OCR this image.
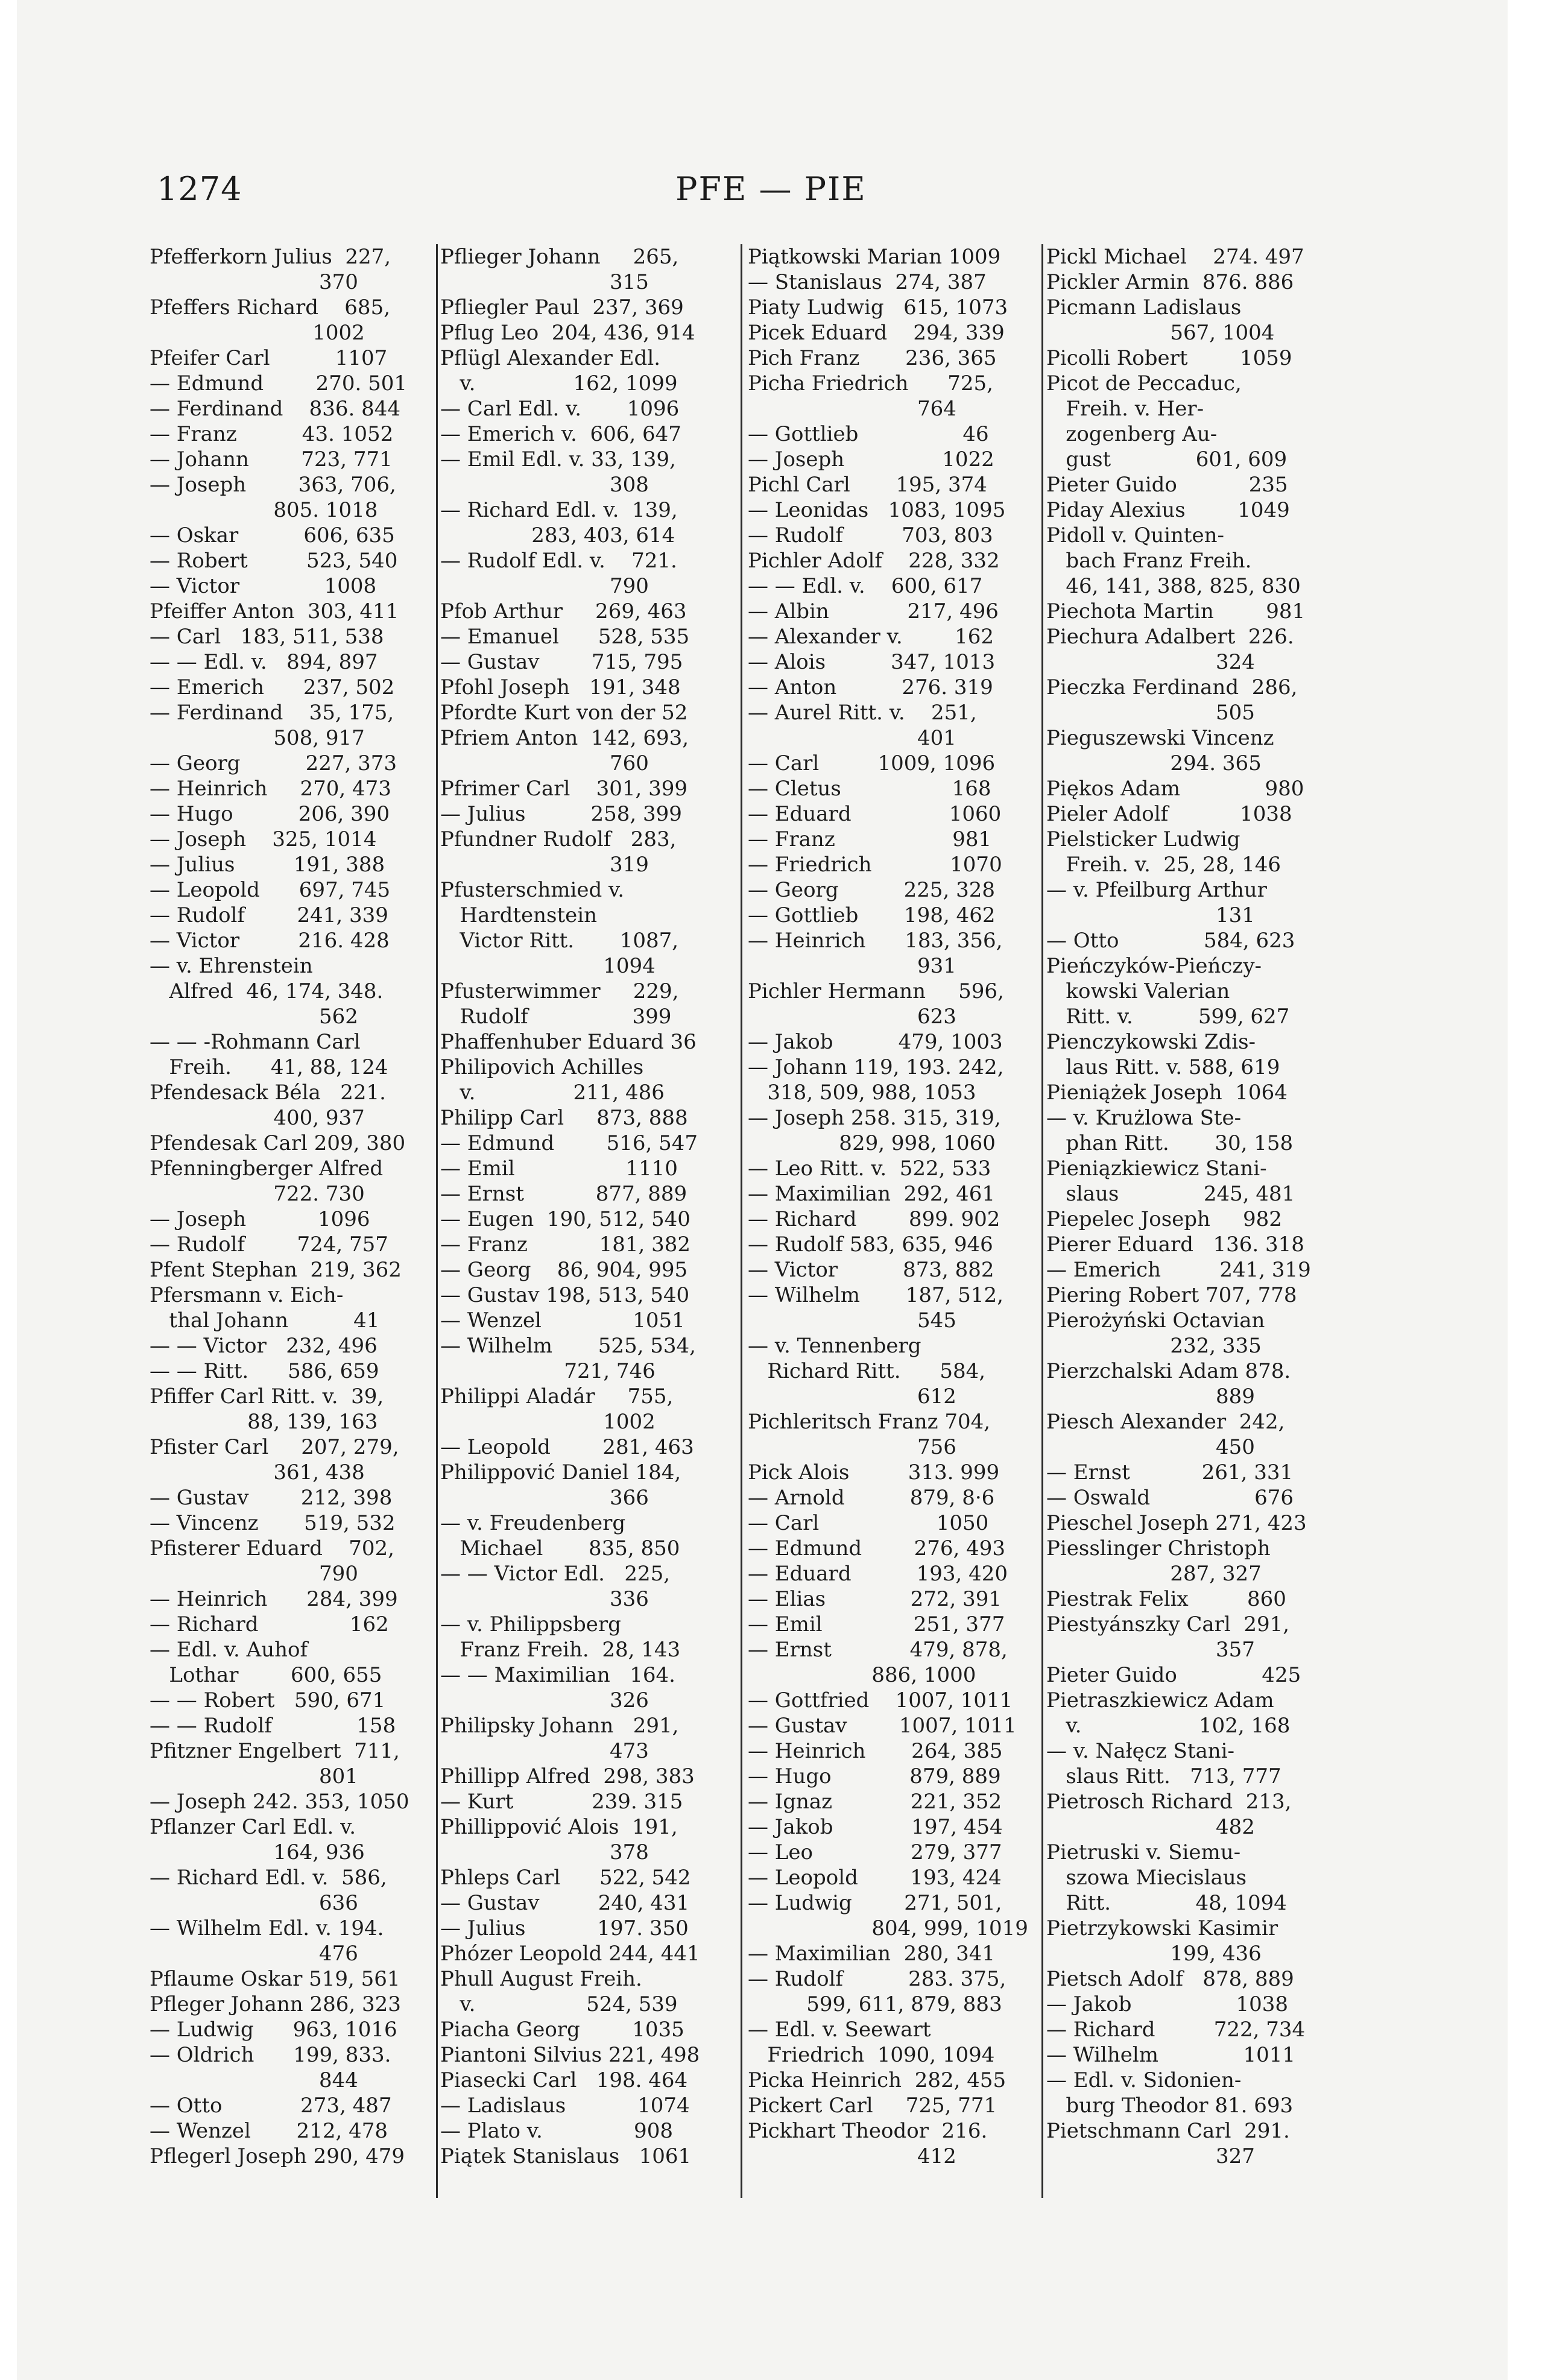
1274	PFE — PIE
Pfefferkorn Julius  227,
370
Pfeffers Richard    685,
1002
Pfeifer Carl          1107
— Edmund        270. 501
— Ferdinand    836. 844
— Franz          43. 1052
— Johann        723, 771
— Joseph        363, 706,
805. 1018
— Oskar          606, 635
— Robert         523, 540
— Victor             1008
Pfeiffer Anton  303, 411
— Carl   183, 511, 538
— — Edl. v.   894, 897
— Emerich      237, 502
— Ferdinand    35, 175,
508, 917
— Georg          227, 373
— Heinrich     270, 473
— Hugo          206, 390
— Joseph    325, 1014
— Julius         191, 388
— Leopold      697, 745
— Rudolf        241, 339
— Victor         216. 428
— v. Ehrenstein
Alfred  46, 174, 348.
562
— — -Rohmann Carl
Freih.      41, 88, 124
Pfendesack Béla   221.
400, 937
Pfendesak Carl 209, 380
Pfenningberger Alfred
722. 730
— Joseph           1096
— Rudolf        724, 757
Pfent Stephan  219, 362
Pfersmann v. Eich-
thal Johann          41
— — Victor   232, 496
— — Ritt.      586, 659
Pfiffer Carl Ritt. v.  39,
88, 139, 163
Pfister Carl     207, 279,
361, 438
— Gustav        212, 398
— Vincenz       519, 532
Pfisterer Eduard    702,
790
— Heinrich      284, 399
— Richard              162
— Edl. v. Auhof
Lothar        600, 655
— — Robert   590, 671
— — Rudolf             158
Pfitzner Engelbert  711,
801
— Joseph 242. 353, 1050
Pflanzer Carl Edl. v.
164, 936
— Richard Edl. v.  586,
636
— Wilhelm Edl. v. 194.
476
Pflaume Oskar 519, 561
Pfleger Johann 286, 323
— Ludwig      963, 1016
— Oldrich      199, 833.
844
— Otto            273, 487
— Wenzel       212, 478
Pflegerl Joseph 290, 479
Pflieger Johann     265,
315
Pfliegler Paul  237, 369
Pflug Leo  204, 436, 914
Pflügl Alexander Edl.
v.               162, 1099
— Carl Edl. v.       1096
— Emerich v.  606, 647
— Emil Edl. v. 33, 139,
308
— Richard Edl. v.  139,
283, 403, 614
— Rudolf Edl. v.    721.
790
Pfob Arthur     269, 463
— Emanuel      528, 535
— Gustav        715, 795
Pfohl Joseph   191, 348
Pfordte Kurt von der 52
Pfriem Anton  142, 693,
760
Pfrimer Carl    301, 399
— Julius          258, 399
Pfundner Rudolf   283,
319
Pfusterschmied v.
Hardtenstein
Victor Ritt.       1087,
1094
Pfusterwimmer     229,
Rudolf                399
Phaffenhuber Eduard 36
Philipovich Achilles
v.               211, 486
Philipp Carl     873, 888
— Edmund        516, 547
— Emil                 1110
— Ernst           877, 889
— Eugen  190, 512, 540
— Franz           181, 382
— Georg    86, 904, 995
— Gustav 198, 513, 540
— Wenzel              1051
— Wilhelm       525, 534,
721, 746
Philippi Aladár     755,
1002
— Leopold        281, 463
Philippović Daniel 184,
366
— v. Freudenberg
Michael       835, 850
— — Victor Edl.   225,
336
— v. Philippsberg
Franz Freih.  28, 143
— — Maximilian   164.
326
Philipsky Johann   291,
473
Phillipp Alfred  298, 383
— Kurt            239. 315
Phillippović Alois  191,
378
Phleps Carl      522, 542
— Gustav         240, 431
— Julius           197. 350
Phózer Leopold 244, 441
Phull August Freih.
v.                 524, 539
Piacha Georg        1035
Piantoni Silvius 221, 498
Piasecki Carl   198. 464
— Ladislaus           1074
— Plato v.              908
Piątek Stanislaus   1061
Piątkowski Marian 1009
— Stanislaus  274, 387
Piaty Ludwig   615, 1073
Picek Eduard    294, 339
Pich Franz       236, 365
Picha Friedrich      725,
764
— Gottlieb                46
— Joseph               1022
Pichl Carl       195, 374
— Leonidas   1083, 1095
— Rudolf         703, 803
Pichler Adolf    228, 332
— — Edl. v.    600, 617
— Albin            217, 496
— Alexander v.        162
— Alois          347, 1013
— Anton          276. 319
— Aurel Ritt. v.    251,
401
— Carl         1009, 1096
— Cletus                 168
— Eduard               1060
— Franz                  981
— Friedrich            1070
— Georg          225, 328
— Gottlieb       198, 462
— Heinrich      183, 356,
931
Pichler Hermann     596,
623
— Jakob          479, 1003
— Johann 119, 193. 242,
318, 509, 988, 1053
— Joseph 258. 315, 319,
829, 998, 1060
— Leo Ritt. v.  522, 533
— Maximilian  292, 461
— Richard        899. 902
— Rudolf 583, 635, 946
— Victor          873, 882
— Wilhelm       187, 512,
545
— v. Tennenberg
Richard Ritt.      584,
612
Pichleritsch Franz 704,
756
Pick Alois         313. 999
— Arnold          879, 8·6
— Carl                  1050
— Edmund        276, 493
— Eduard          193, 420
— Elias             272, 391
— Emil              251, 377
— Ernst            479, 878,
886, 1000
— Gottfried    1007, 1011
— Gustav        1007, 1011
— Heinrich       264, 385
— Hugo            879, 889
— Ignaz            221, 352
— Jakob            197, 454
— Leo               279, 377
— Leopold        193, 424
— Ludwig        271, 501,
804, 999, 1019
— Maximilian  280, 341
— Rudolf          283. 375,
599, 611, 879, 883
— Edl. v. Seewart
Friedrich  1090, 1094
Picka Heinrich  282, 455
Pickert Carl     725, 771
Pickhart Theodor  216.
412
Pickl Michael    274. 497
Pickler Armin  876. 886
Picmann Ladislaus
567, 1004
Picolli Robert        1059
Picot de Peccaduc,
Freih. v. Her-
zogenberg Au-
gust             601, 609
Pieter Guido           235
Piday Alexius        1049
Pidoll v. Quinten-
bach Franz Freih.
46, 141, 388, 825, 830
Piechota Martin        981
Piechura Adalbert  226.
324
Pieczka Ferdinand  286,
505
Pieguszewski Vincenz
294. 365
Piękos Adam             980
Pieler Adolf           1038
Pielsticker Ludwig
Freih. v.  25, 28, 146
— v. Pfeilburg Arthur
131
— Otto             584, 623
Pieńczyków-Pieńczy-
kowski Valerian
Ritt. v.          599, 627
Pienczykowski Zdis-
laus Ritt. v. 588, 619
Pieniążek Joseph  1064
— v. Krużlowa Ste-
phan Ritt.       30, 158
Pieniązkiewicz Stani-
slaus             245, 481
Piepelec Joseph     982
Pierer Eduard   136. 318
— Emerich         241, 319
Piering Robert 707, 778
Pierożyński Octavian
232, 335
Pierzchalski Adam 878.
889
Piesch Alexander  242,
450
— Ernst           261, 331
— Oswald                676
Pieschel Joseph 271, 423
Piesslinger Christoph
287, 327
Piestrak Felix         860
Piestyánszky Carl  291,
357
Pieter Guido             425
Pietraszkiewicz Adam
v.                  102, 168
— v. Nałęcz Stani-
slaus Ritt.   713, 777
Pietrosch Richard  213,
482
Pietruski v. Siemu-
szowa Miecislaus
Ritt.             48, 1094
Pietrzykowski Kasimir
199, 436
Pietsch Adolf   878, 889
— Jakob                1038
— Richard         722, 734
— Wilhelm             1011
— Edl. v. Sidonien-
burg Theodor 81. 693
Pietschmann Carl  291.
327
